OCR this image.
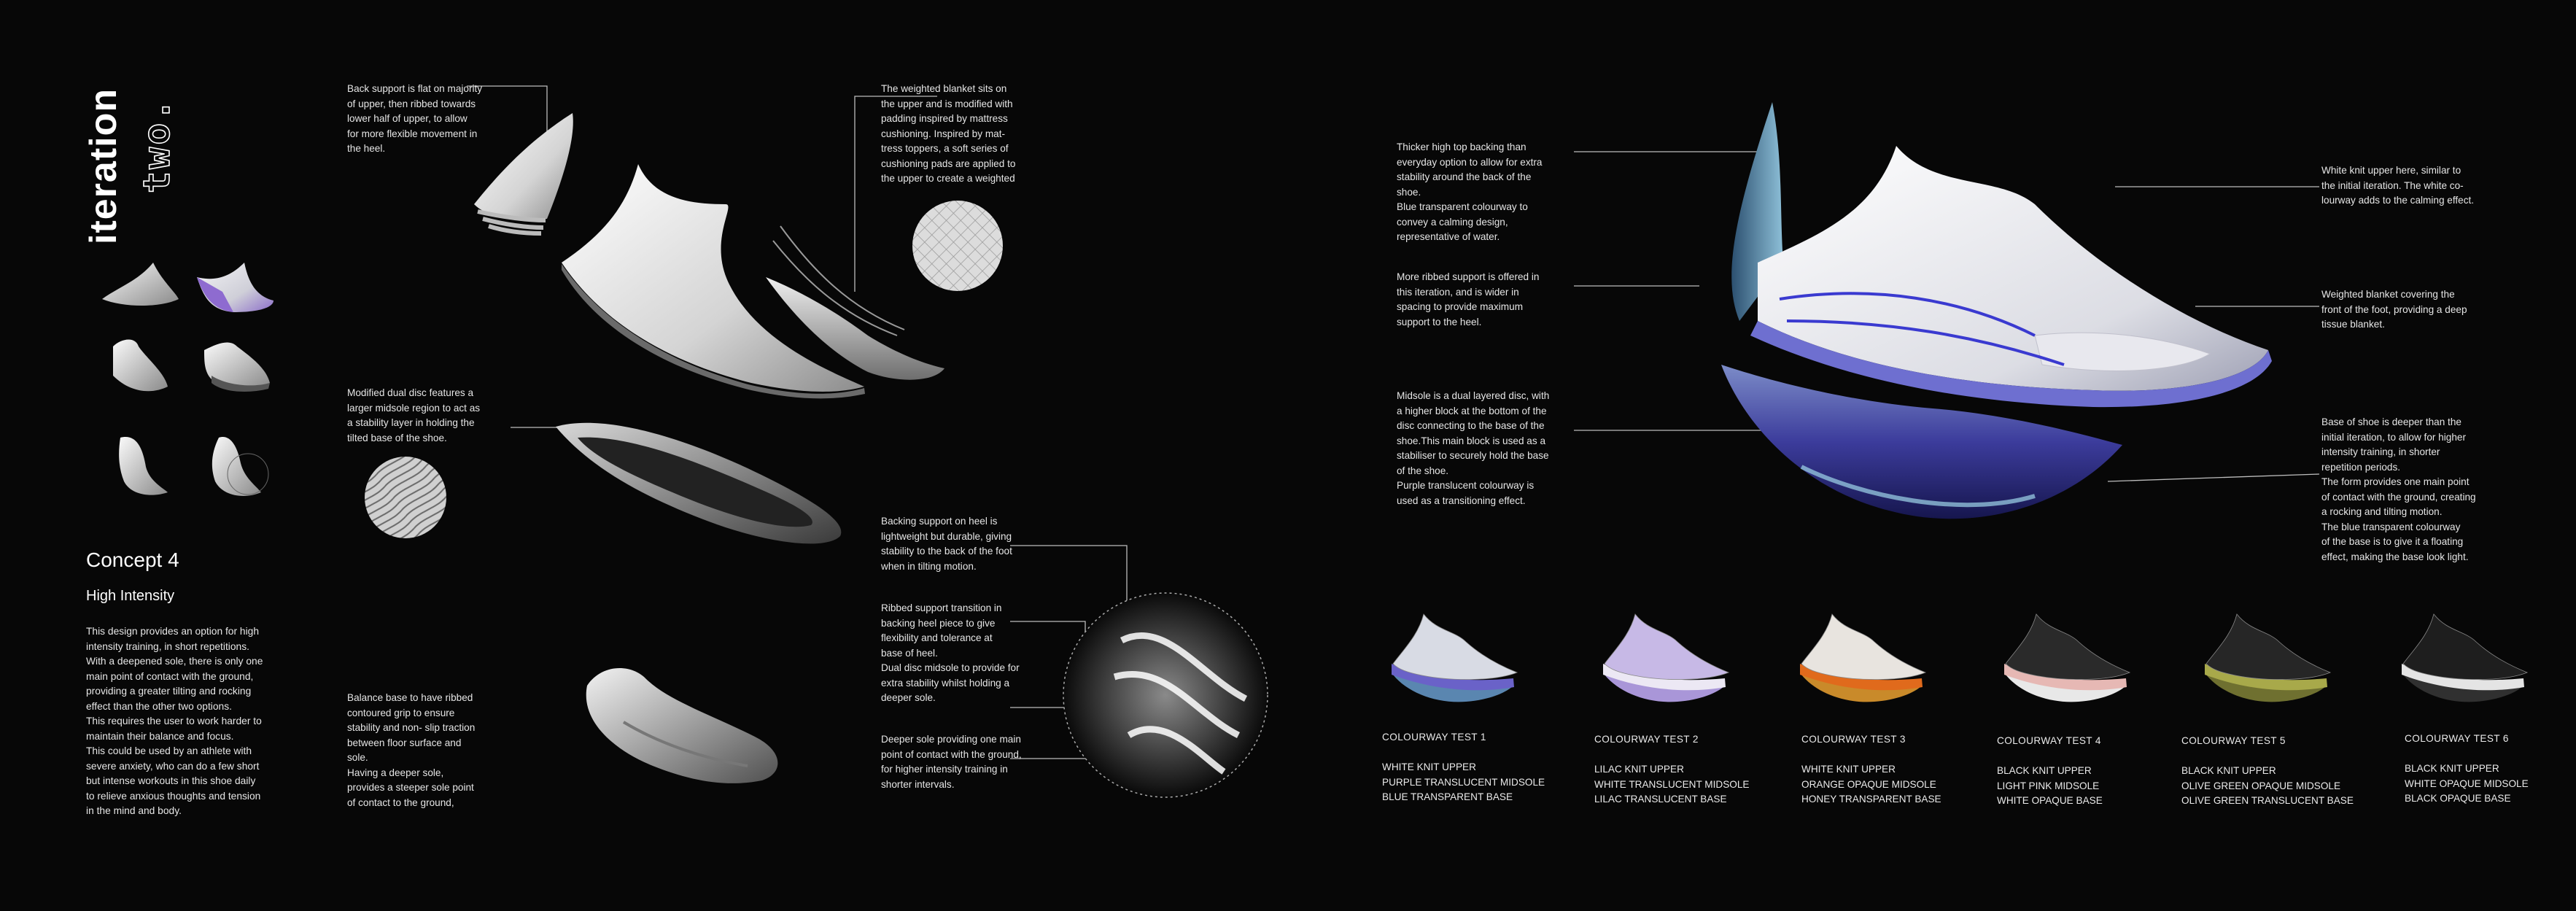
iteration two.
Concept 4
High Intensity
This design provides an option for high
intensity training, in short repetitions.
With a deepened sole, there is only one
main point of contact with the ground,
providing a greater tilting and rocking
effect than the other two options.
This requires the user to work harder to
maintain their balance and focus.
This could be used by an athlete with
severe anxiety, who can do a few short
but intense workouts in this shoe daily
to relieve anxious thoughts and tension
in the mind and body.
Back support is flat on majority
of upper, then ribbed towards
lower half of upper, to allow
for more flexible movement in
the heel.
The weighted blanket sits on
the upper and is modified with
padding inspired by mattress
cushioning. Inspired by mat-
tress toppers, a soft series of
cushioning pads are applied to
the upper to create a weighted
Modified dual disc features a
larger midsole region to act as
a stability layer in holding the
tilted base of the shoe.
Backing support on heel is
lightweight but durable, giving
stability to the back of the foot
when in tilting motion.
Ribbed support transition in
backing heel piece to give
flexibility and tolerance at
base of heel.
Dual disc midsole to provide for
extra stability whilst holding a
deeper sole.
Deeper sole providing one main
point of contact with the ground,
for higher intensity training in
shorter intervals.
Balance base to have ribbed
contoured grip to ensure
stability and non- slip traction
between floor surface and
sole.
Having a deeper sole,
provides a steeper sole point
of contact to the ground,
Thicker high top backing than
everyday option to allow for extra
stability around the back of the
shoe.
Blue transparent colourway to
convey a calming design,
representative of water.
More ribbed support is offered in
this iteration, and is wider in
spacing to provide maximum
support to the heel.
Midsole is a dual layered disc, with
a higher block at the bottom of the
disc connecting to the base of the
shoe.This main block is used as a
stabiliser to securely hold the base
of the shoe.
Purple translucent colourway is
used as a transitioning effect.
White knit upper here, similar to
the initial iteration. The white co-
lourway adds to the calming effect.
Weighted blanket covering the
front of the foot, providing a deep
tissue blanket.
Base of shoe is deeper than the
initial iteration, to allow for higher
intensity training, in shorter
repetition periods.
The form provides one main point
of contact with the ground, creating
a rocking and tilting motion.
The blue transparent colourway
of the base is to give it a floating
effect, making the base look light.
COLOURWAY TEST 1
WHITE KNIT UPPER
PURPLE TRANSLUCENT MIDSOLE
BLUE TRANSPARENT BASE
COLOURWAY TEST 2
LILAC KNIT UPPER
WHITE TRANSLUCENT MIDSOLE
LILAC TRANSLUCENT BASE
COLOURWAY TEST 3
WHITE KNIT UPPER
ORANGE OPAQUE MIDSOLE
HONEY TRANSPARENT BASE
COLOURWAY TEST 4
BLACK KNIT UPPER
LIGHT PINK MIDSOLE
WHITE OPAQUE BASE
COLOURWAY TEST 5
BLACK KNIT UPPER
OLIVE GREEN OPAQUE MIDSOLE
OLIVE GREEN TRANSLUCENT BASE
COLOURWAY TEST 6
BLACK KNIT UPPER
WHITE OPAQUE MIDSOLE
BLACK OPAQUE BASE
